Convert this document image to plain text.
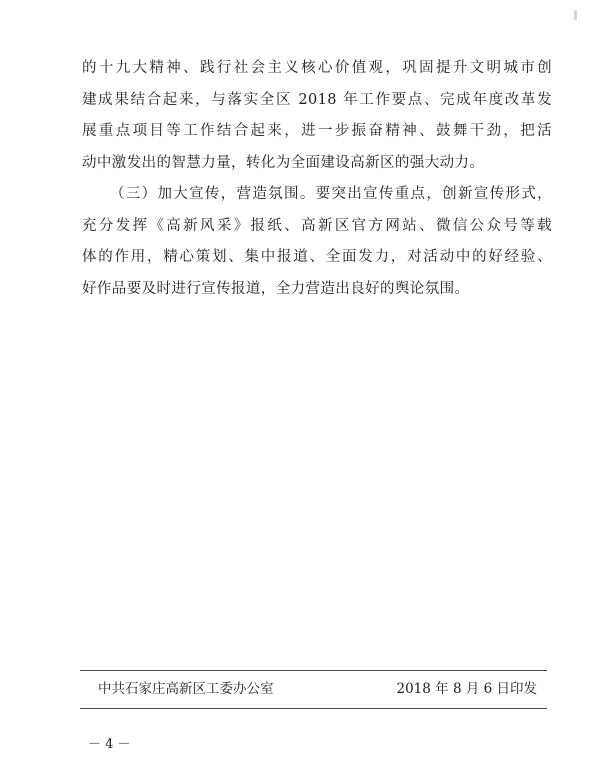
的十九大精神、践行社会主义核心价值观，巩固提升文明城市创
建成果结合起来，与落实全区 2018 年工作要点、完成年度改革发
展重点项目等工作结合起来，进一步振奋精神、鼓舞干劲，把活
动中激发出的智慧力量，转化为全面建设高新区的强大动力。
（三）加大宣传，营造氛围。要突出宣传重点，创新宣传形式，
充分发挥《高新风采》报纸、高新区官方网站、微信公众号等载
体的作用，精心策划、集中报道、全面发力，对活动中的好经验、
好作品要及时进行宣传报道，全力营造出良好的舆论氛围。
中共石家庄高新区工委办公室	2018 年 8 月 6 日印发
－ 4 －
